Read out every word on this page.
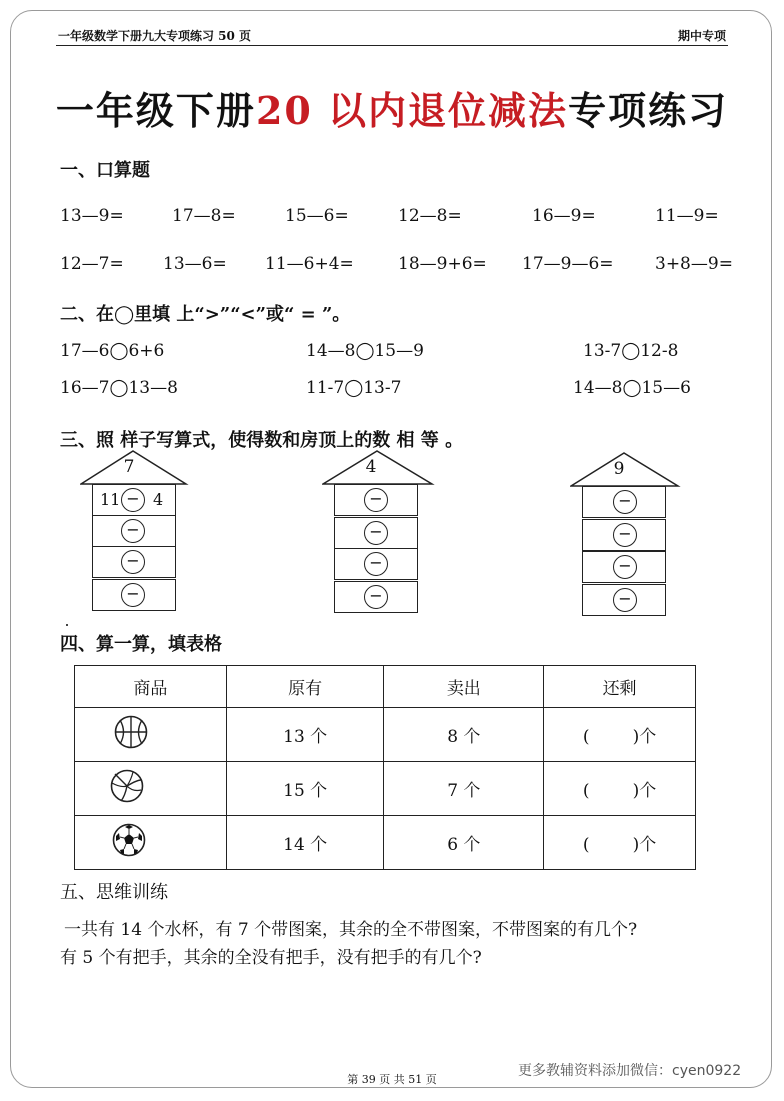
一年级数学下册九大专项练习 50 页	期中专项
一年级下册20 以内退位减法专项练习
一、口算题
13—9=	17—8=	15—6=	12—8=	16—9=	11—9=
12—7= 13—6= 11—6+4=	18—9+6= 17—9—6= 3+8—9=
二、在◯里填 上“>”“<”或“ = ”。
17—6◯6+6	14—8◯15—9	13-7◯12-8
16—7◯13—8	11-7◯13-7	14—8◯15—6
三、照 样子写算式，使得数和房顶上的数 相 等 。
7
11 − 4
−
−
−
4
−
−
−
−
9
−
−
−
−
四、算一算，填表格
商品	原有	卖出	还剩
	13 个	8 个	(        )个
	15 个	7 个	(        )个
	14 个	6 个	(        )个
五、思维训练
一共有 14 个水杯，有 7 个带图案，其余的全不带图案，不带图案的有几个?
有 5 个有把手，其余的全没有把手，没有把手的有几个?
第 39 页 共 51 页
更多教辅资料添加微信：cyen0922
